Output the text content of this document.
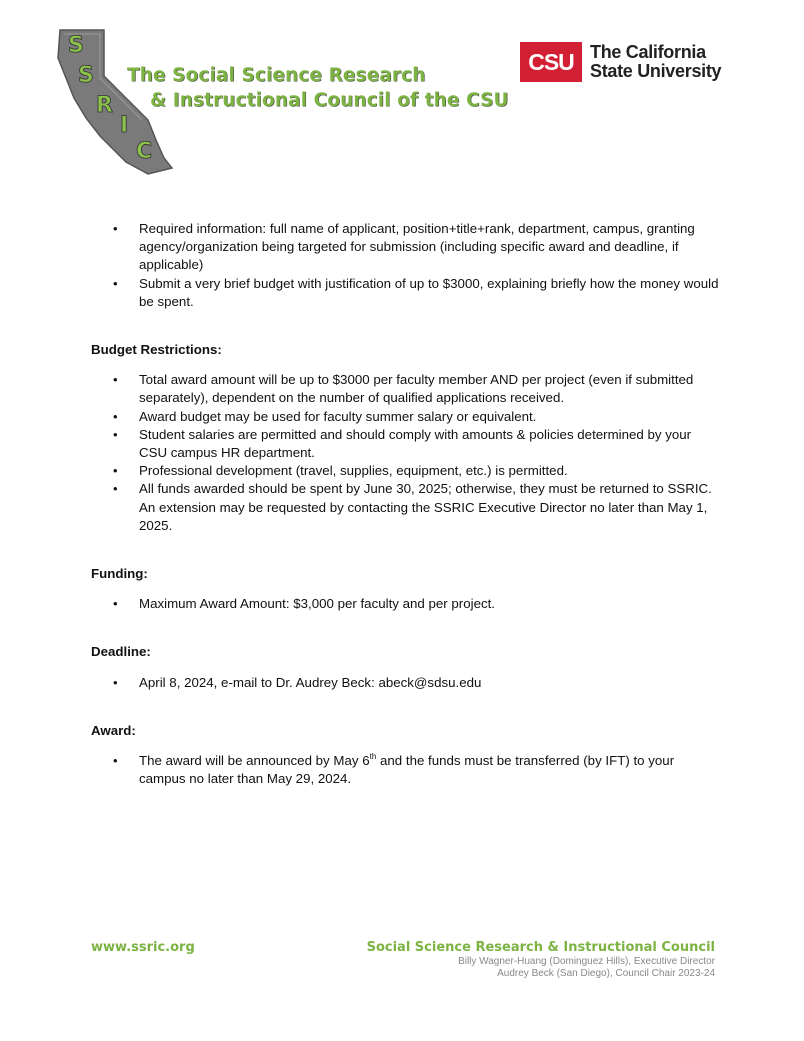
S
S
R
I
C
The Social Science Research
& Instructional Council of the CSU
CSU The California
State University
• Required information: full name of applicant, position+title+rank, department, campus, granting agency/organization being targeted for submission (including specific award and deadline, if applicable)
• Submit a very brief budget with justification of up to $3000, explaining briefly how the money would be spent.

Budget Restrictions:

• Total award amount will be up to $3000 per faculty member AND per project (even if submitted separately), dependent on the number of qualified applications received.
• Award budget may be used for faculty summer salary or equivalent.
• Student salaries are permitted and should comply with amounts & policies determined by your CSU campus HR department.
• Professional development (travel, supplies, equipment, etc.) is permitted.
• All funds awarded should be spent by June 30, 2025; otherwise, they must be returned to SSRIC. An extension may be requested by contacting the SSRIC Executive Director no later than May 1, 2025.

Funding:

• Maximum Award Amount: $3,000 per faculty and per project.

Deadline:

• April 8, 2024, e-mail to Dr. Audrey Beck: abeck@sdsu.edu

Award:

• The award will be announced by May 6th and the funds must be transferred (by IFT) to your campus no later than May 29, 2024.
www.ssric.org	Social Science Research & Instructional Council
Billy Wagner-Huang (Dominguez Hills), Executive Director
Audrey Beck (San Diego), Council Chair 2023-24
